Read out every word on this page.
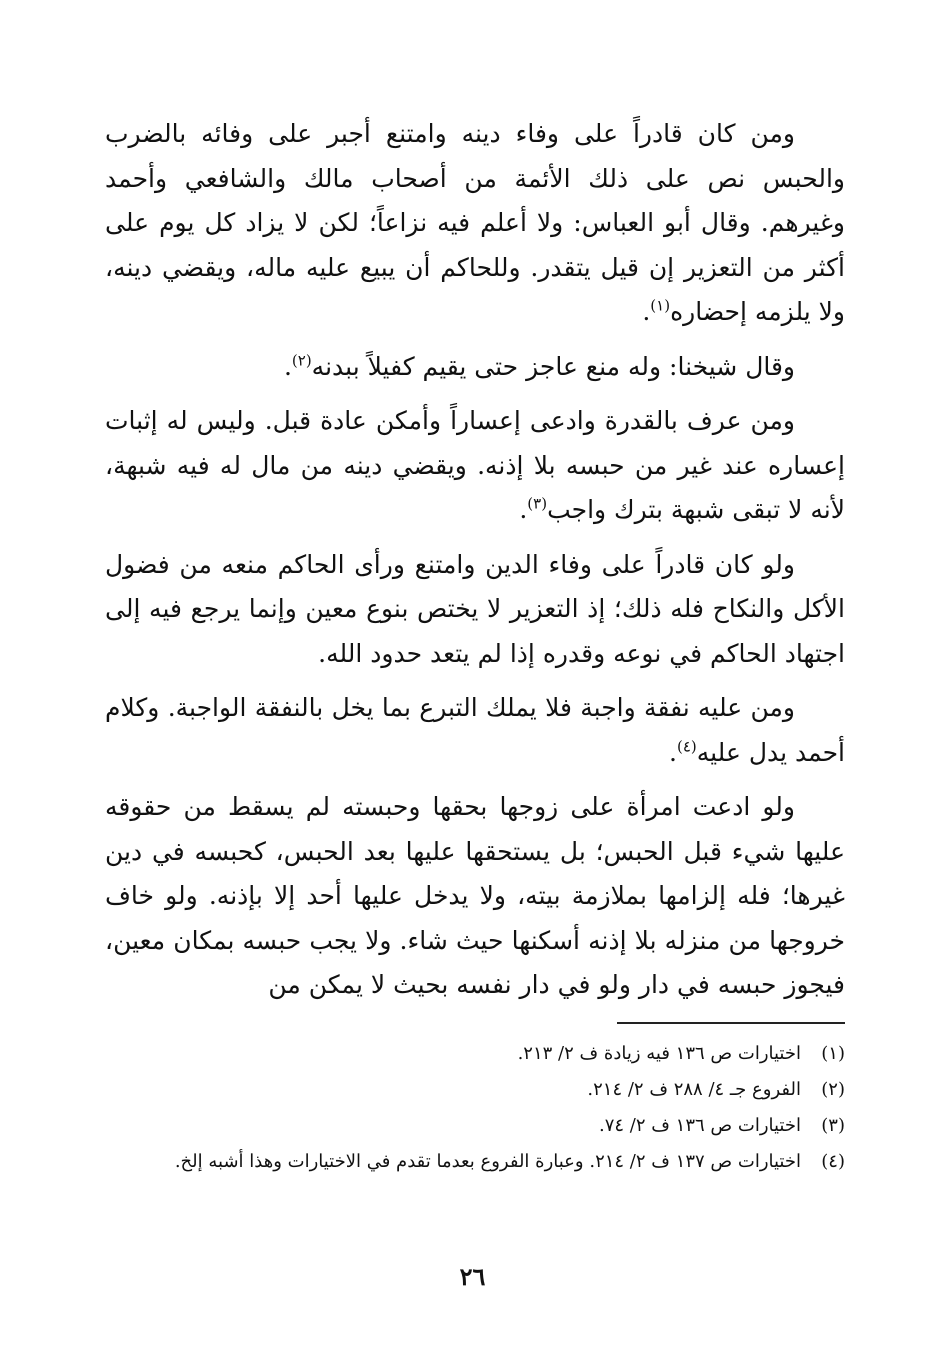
ومن كان قادراً على وفاء دينه وامتنع أجبر على وفائه بالضرب والحبس نص على ذلك الأئمة من أصحاب مالك والشافعي وأحمد وغيرهم. وقال أبو العباس: ولا أعلم فيه نزاعاً؛ لكن لا يزاد كل يوم على أكثر من التعزير إن قيل يتقدر. وللحاكم أن يبيع عليه ماله، ويقضي دينه، ولا يلزمه إحضاره$^{(١)}$.

وقال شيخنا: وله منع عاجز حتى يقيم كفيلاً ببدنه$^{(٢)}$.

ومن عرف بالقدرة وادعى إعساراً وأمكن عادة قبل. وليس له إثبات إعساره عند غير من حبسه بلا إذنه. ويقضي دينه من مال له فيه شبهة، لأنه لا تبقى شبهة بترك واجب$^{(٣)}$.

ولو كان قادراً على وفاء الدين وامتنع ورأى الحاكم منعه من فضول الأكل والنكاح فله ذلك؛ إذ التعزير لا يختص بنوع معين وإنما يرجع فيه إلى اجتهاد الحاكم في نوعه وقدره إذا لم يتعد حدود الله.

ومن عليه نفقة واجبة فلا يملك التبرع بما يخل بالنفقة الواجبة. وكلام أحمد يدل عليه$^{(٤)}$.

ولو ادعت امرأة على زوجها بحقها وحبسته لم يسقط من حقوقه عليها شيء قبل الحبس؛ بل يستحقها عليها بعد الحبس، كحبسه في دين غيرها؛ فله إلزامها بملازمة بيته، ولا يدخل عليها أحد إلا بإذنه. ولو خاف خروجها من منزله بلا إذنه أسكنها حيث شاء. ولا يجب حبسه بمكان معين، فيجوز حبسه في دار ولو في دار نفسه بحيث لا يمكن من

(١)
اختيارات ص ١٣٦ فيه زيادة ف ٢/ ٢١٣.
(٢)
الفروع جـ ٤/ ٢٨٨ ف ٢/ ٢١٤.
(٣)
اختيارات ص ١٣٦ ف ٢/ ٧٤.
(٤)
اختيارات ص ١٣٧ ف ٢/ ٢١٤. وعبارة الفروع بعدما تقدم في الاختيارات وهذا أشبه إلخ.
٢٦
